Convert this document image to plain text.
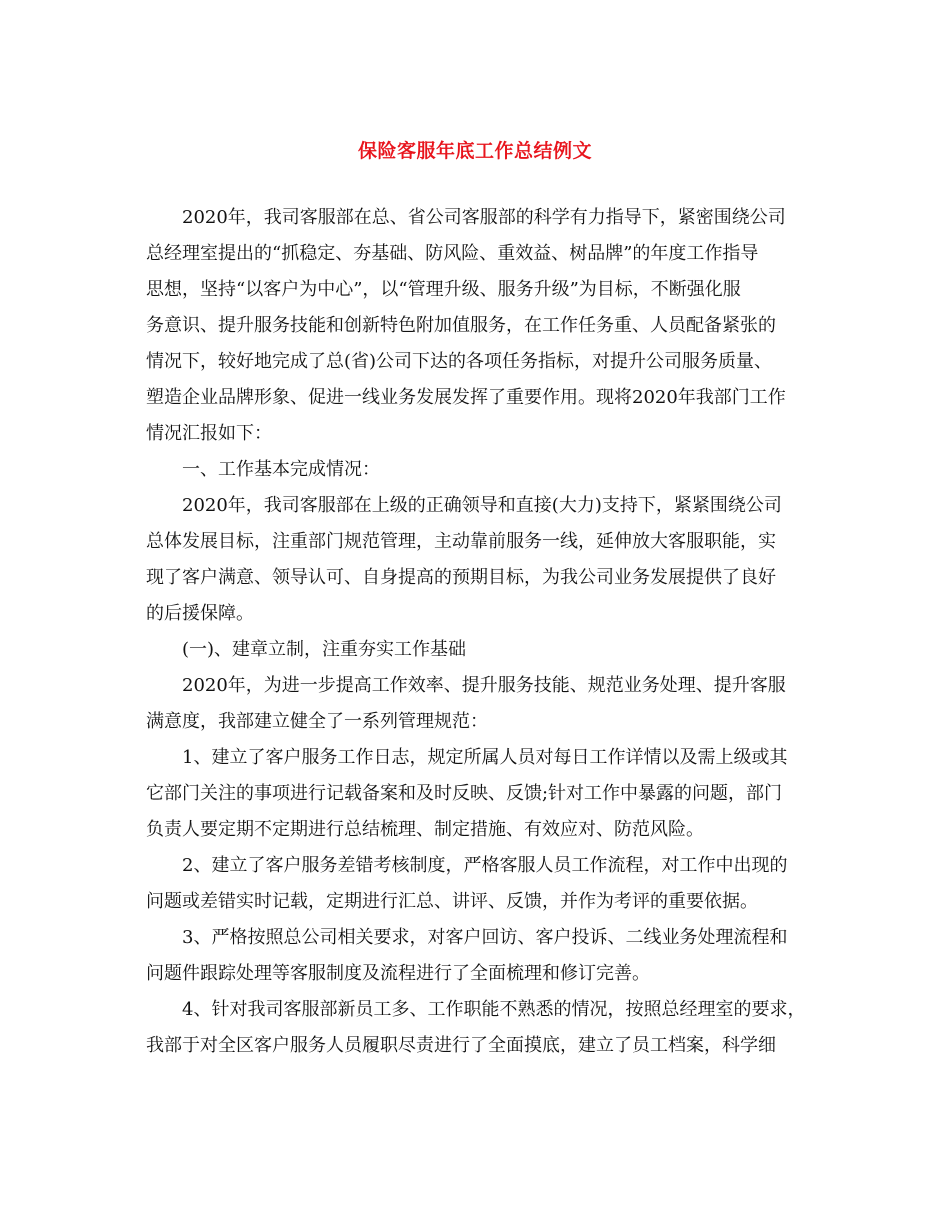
保险客服年底工作总结例文
2020年，我司客服部在总、省公司客服部的科学有力指导下，紧密围绕公司
总经理室提出的“抓稳定、夯基础、防风险、重效益、树品牌”的年度工作指导
思想，坚持“以客户为中心”，以“管理升级、服务升级”为目标，不断强化服
务意识、提升服务技能和创新特色附加值服务，在工作任务重、人员配备紧张的
情况下，较好地完成了总(省)公司下达的各项任务指标，对提升公司服务质量、
塑造企业品牌形象、促进一线业务发展发挥了重要作用。现将2020年我部门工作
情况汇报如下：
一、工作基本完成情况：
2020年，我司客服部在上级的正确领导和直接(大力)支持下，紧紧围绕公司
总体发展目标，注重部门规范管理，主动靠前服务一线，延伸放大客服职能，实
现了客户满意、领导认可、自身提高的预期目标，为我公司业务发展提供了良好
的后援保障。
(一)、建章立制，注重夯实工作基础
2020年，为进一步提高工作效率、提升服务技能、规范业务处理、提升客服
满意度，我部建立健全了一系列管理规范：
1、建立了客户服务工作日志，规定所属人员对每日工作详情以及需上级或其
它部门关注的事项进行记载备案和及时反映、反馈;针对工作中暴露的问题，部门
负责人要定期不定期进行总结梳理、制定措施、有效应对、防范风险。
2、建立了客户服务差错考核制度，严格客服人员工作流程，对工作中出现的
问题或差错实时记载，定期进行汇总、讲评、反馈，并作为考评的重要依据。
3、严格按照总公司相关要求，对客户回访、客户投诉、二线业务处理流程和
问题件跟踪处理等客服制度及流程进行了全面梳理和修订完善。
4、针对我司客服部新员工多、工作职能不熟悉的情况，按照总经理室的要求，
我部于对全区客户服务人员履职尽责进行了全面摸底，建立了员工档案，科学细
